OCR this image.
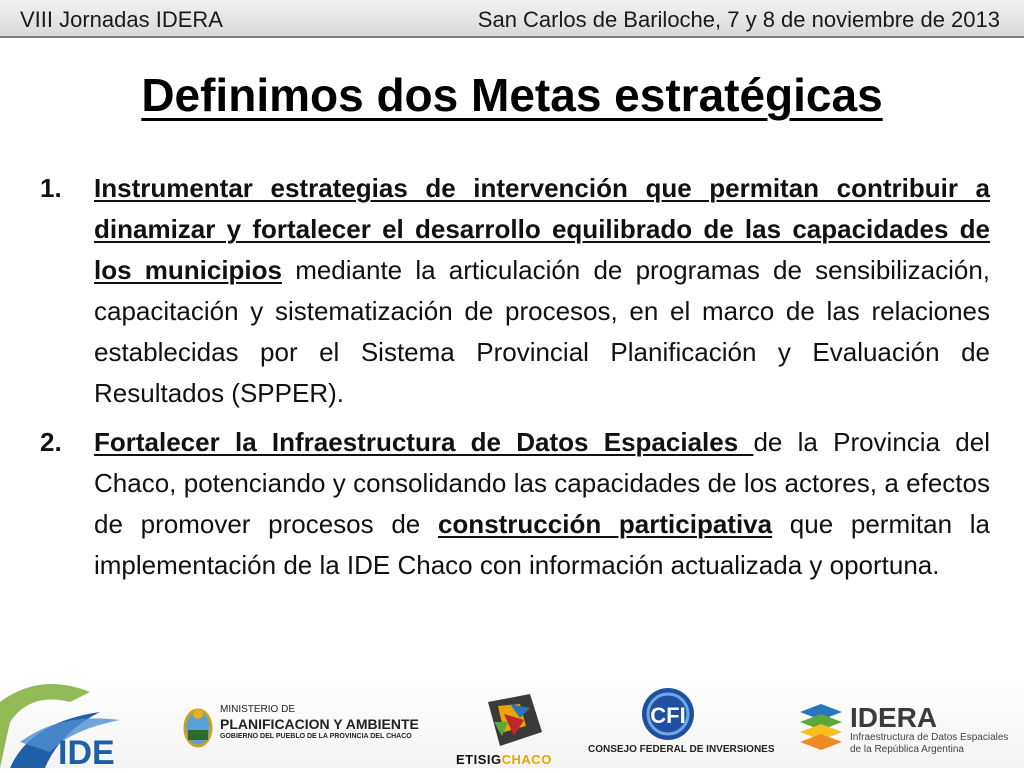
VIII Jornadas IDERA	San Carlos de Bariloche, 7 y 8 de noviembre de 2013
Definimos dos Metas estratégicas
1.	Instrumentar estrategias de intervención que permitan contribuir a dinamizar y fortalecer el desarrollo equilibrado de las capacidades de los municipios mediante la articulación de programas de sensibilización, capacitación y sistematización de procesos, en el marco de las relaciones establecidas por el Sistema Provincial Planificación y Evaluación de Resultados (SPPER).
2.	Fortalecer la Infraestructura de Datos Espaciales de la Provincia del Chaco, potenciando y consolidando las capacidades de los actores, a efectos de promover procesos de construcción participativa que permitan la implementación de la IDE Chaco con información actualizada y oportuna.
IDE
MINISTERIO DE
PLANIFICACION Y AMBIENTE
GOBIERNO DEL PUEBLO DE LA PROVINCIA DEL CHACO
ETISIGCHACO
CFI
CONSEJO FEDERAL DE INVERSIONES
IDERA
Infraestructura de Datos Espaciales
de la República Argentina
